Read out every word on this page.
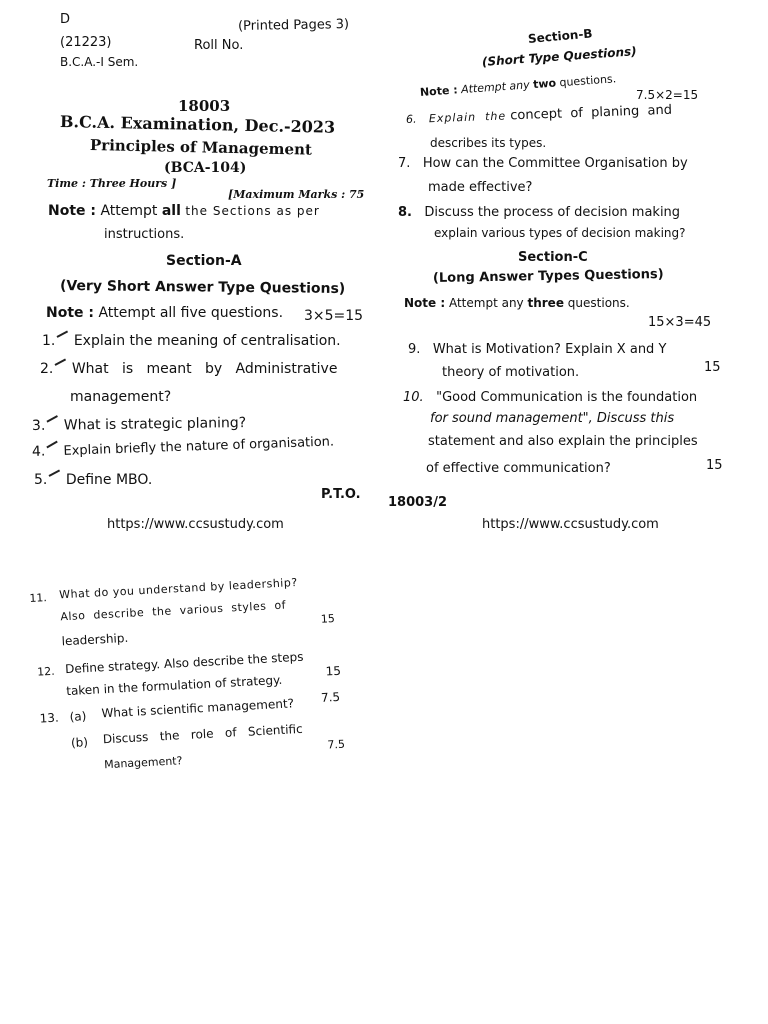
D	(Printed Pages 3)
(21223)	Roll No.
B.C.A.-I Sem.
18003
B.C.A. Examination, Dec.-2023
Principles of Management
(BCA-104)
Time : Three Hours ]
[Maximum Marks : 75
Note : Attempt all the Sections as per
instructions.
Section-A
(Very Short Answer Type Questions)
Note : Attempt all five questions. 3×5=15
1. Explain the meaning of centralisation.
2. What   is   meant   by   Administrative
management?
3. What is strategic planing?
4. Explain briefly the nature of organisation.
5. Define MBO.
P.T.O.
https://www.ccsustudy.com
Section-B
(Short Type Questions)
Note : Attempt any two questions.
7.5×2=15
6. Explain  the concept  of  planing  and
describes its types.
7. How can the Committee Organisation by
made effective?
8. Discuss the process of decision making
explain various types of decision making?
Section-C
(Long Answer Types Questions)
Note : Attempt any three questions.
15×3=45
9. What is Motivation? Explain X and Y
theory of motivation.	15
10. "Good Communication is the foundation
for sound management", Discuss this
statement and also explain the principles
of effective communication?	15
18003/2
https://www.ccsustudy.com
11. What do you understand by leadership?
Also  describe  the  various  styles  of
leadership.
15
12. Define strategy. Also describe the steps
taken in the formulation of strategy.
15
13. (a) What is scientific management? 7.5
(b) Discuss   the   role   of   Scientific
Management?
7.5
